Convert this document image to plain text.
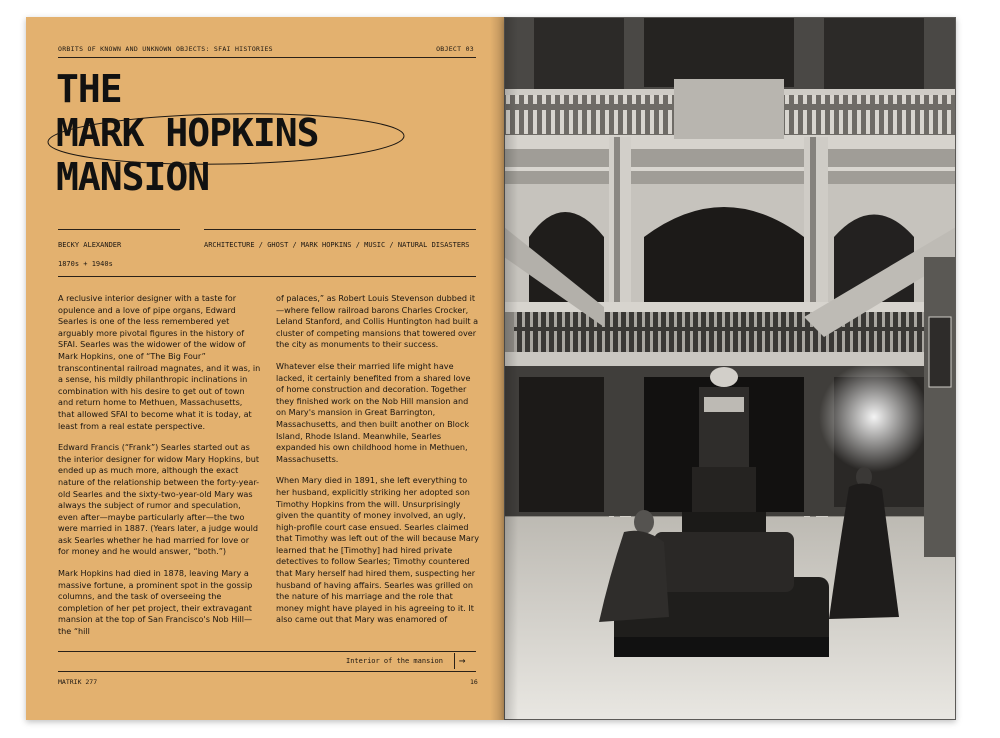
ORBITS OF KNOWN AND UNKNOWN OBJECTS: SFAI HISTORIES	OBJECT 03
THE
MARK HOPKINS
MANSION
BECKY ALEXANDER	ARCHITECTURE / GHOST / MARK HOPKINS / MUSIC / NATURAL DISASTERS
1870s + 1940s

A reclusive interior designer with a taste for opulence and a love of pipe organs, Edward Searles is one of the less remembered yet arguably more pivotal figures in the history of SFAI. Searles was the widower of the widow of Mark Hopkins, one of “The Big Four” transcontinental railroad magnates, and it was, in a sense, his mildly philanthropic inclinations in combination with his desire to get out of town and return home to Methuen, Massachusetts, that allowed SFAI to become what it is today, at least from a real estate perspective.

Edward Francis (“Frank”) Searles started out as the interior designer for widow Mary Hopkins, but ended up as much more, although the exact nature of the relationship between the forty-year-old Searles and the sixty-two-year-old Mary was always the subject of rumor and speculation, even after—maybe particularly after—the two were married in 1887. (Years later, a judge would ask Searles whether he had married for love or for money and he would answer, “both.”)

Mark Hopkins had died in 1878, leaving Mary a massive fortune, a prominent spot in the gossip columns, and the task of overseeing the completion of her pet project, their extravagant mansion at the top of San Francisco's Nob Hill—the “hill

of palaces,” as Robert Louis Stevenson dubbed it—where fellow railroad barons Charles Crocker, Leland Stanford, and Collis Huntington had built a cluster of competing mansions that towered over the city as monuments to their success.

Whatever else their married life might have lacked, it certainly benefited from a shared love of home construction and decoration. Together they finished work on the Nob Hill mansion and on Mary's mansion in Great Barrington, Massachusetts, and then built another on Block Island, Rhode Island. Meanwhile, Searles expanded his own childhood home in Methuen, Massachusetts.

When Mary died in 1891, she left everything to her husband, explicitly striking her adopted son Timothy Hopkins from the will. Unsurprisingly given the quantity of money involved, an ugly, high-profile court case ensued. Searles claimed that Timothy was left out of the will because Mary learned that he [Timothy] had hired private detectives to follow Searles; Timothy countered that Mary herself had hired them, suspecting her husband of having affairs. Searles was grilled on the nature of his marriage and the role that money might have played in his agreeing to it. It also came out that Mary was enamored of

Interior of the mansion	→
MATRIK 277	16
